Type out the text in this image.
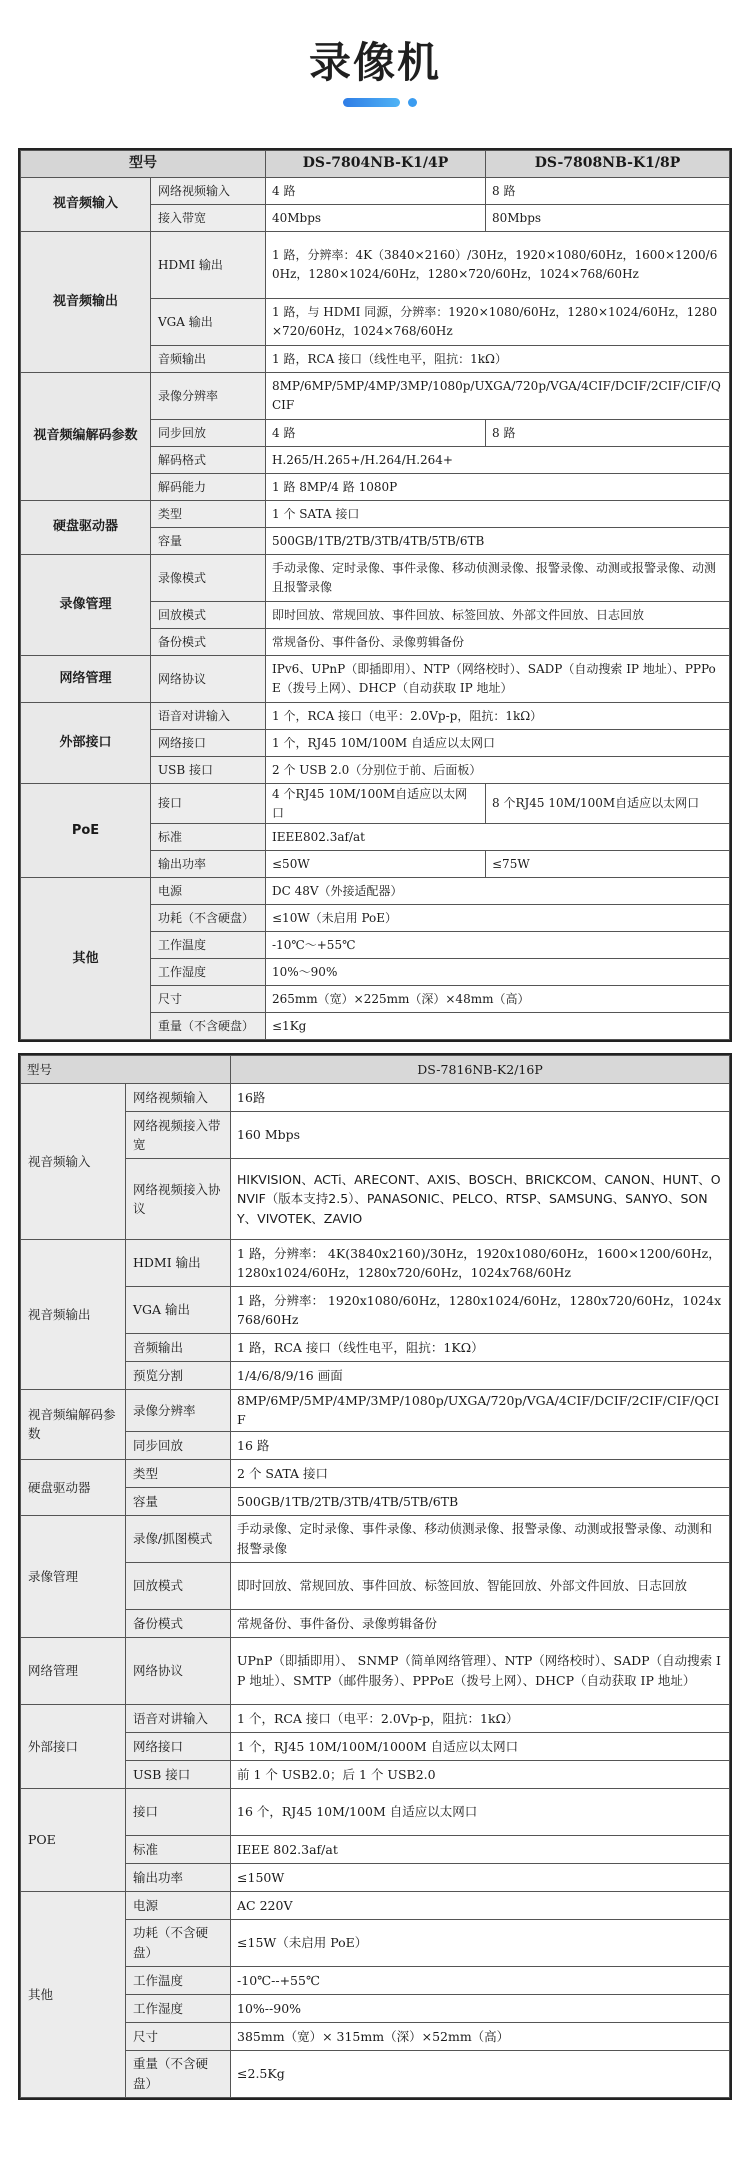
录像机
型号		DS-7804NB-K1/4P	DS-7808NB-K1/8P
视音频输入	网络视频输入	4 路	8 路
	接入带宽	40Mbps	80Mbps
视音频输出	HDMI 输出	1 路，分辨率：4K（3840×2160）/30Hz，1920×1080/60Hz，1600×1200/60Hz，1280×1024/60Hz，1280×720/60Hz，1024×768/60Hz	
	VGA 输出	1 路，与 HDMI 同源，分辨率：1920×1080/60Hz，1280×1024/60Hz，1280×720/60Hz，1024×768/60Hz	
	音频输出	1 路，RCA 接口（线性电平，阻抗：1kΩ）	
视音频编解码参数	录像分辨率	8MP/6MP/5MP/4MP/3MP/1080p/UXGA/720p/VGA/4CIF/DCIF/2CIF/CIF/QCIF	
	同步回放	4 路	8 路
	解码格式	H.265/H.265+/H.264/H.264+	
	解码能力	1 路 8MP/4 路 1080P	
硬盘驱动器	类型	1 个 SATA 接口	
	容量	500GB/1TB/2TB/3TB/4TB/5TB/6TB	
录像管理	录像模式	手动录像、定时录像、事件录像、移动侦测录像、报警录像、动测或报警录像、动测且报警录像	
	回放模式	即时回放、常规回放、事件回放、标签回放、外部文件回放、日志回放	
	备份模式	常规备份、事件备份、录像剪辑备份	
网络管理	网络协议	IPv6、UPnP（即插即用）、NTP（网络校时）、SADP（自动搜索 IP 地址）、PPPoE（拨号上网）、DHCP（自动获取 IP 地址）	
外部接口	语音对讲输入	1 个，RCA 接口（电平：2.0Vp-p，阻抗：1kΩ）	
	网络接口	1 个，RJ45 10M/100M 自适应以太网口	
	USB 接口	2 个 USB 2.0（分别位于前、后面板）	
PoE	接口	4 个RJ45 10M/100M自适应以太网口	8 个RJ45 10M/100M自适应以太网口
	标准	IEEE802.3af/at	
	输出功率	≤50W	≤75W
其他	电源	DC 48V（外接适配器）	
	功耗（不含硬盘）	≤10W（未启用 PoE）	
	工作温度	-10℃～+55℃	
	工作湿度	10%～90%	
	尺寸	265mm（宽）×225mm（深）×48mm（高）	
	重量（不含硬盘）	≤1Kg	
型号		DS-7816NB-K2/16P
视音频输入	网络视频输入	16路
	网络视频接入带宽	160 Mbps
	网络视频接入协议	HIKVISION、ACTi、ARECONT、AXIS、BOSCH、BRICKCOM、CANON、HUNT、ONVIF（版本支持2.5）、PANASONIC、PELCO、RTSP、SAMSUNG、SANYO、SONY、VIVOTEK、ZAVIO
视音频输出	HDMI 输出	1 路，分辨率： 4K(3840x2160)/30Hz，1920x1080/60Hz，1600×1200/60Hz，1280x1024/60Hz，1280x720/60Hz，1024x768/60Hz
	VGA 输出	1 路，分辨率： 1920x1080/60Hz，1280x1024/60Hz，1280x720/60Hz，1024x768/60Hz
	音频输出	1 路，RCA 接口（线性电平，阻抗：1KΩ）
	预览分割	1/4/6/8/9/16 画面
视音频编解码参数	录像分辨率	8MP/6MP/5MP/4MP/3MP/1080p/UXGA/720p/VGA/4CIF/DCIF/2CIF/CIF/QCIF
	同步回放	16 路
硬盘驱动器	类型	2 个 SATA 接口
	容量	500GB/1TB/2TB/3TB/4TB/5TB/6TB
录像管理	录像/抓图模式	手动录像、定时录像、事件录像、移动侦测录像、报警录像、动测或报警录像、动测和报警录像
	回放模式	即时回放、常规回放、事件回放、标签回放、智能回放、外部文件回放、日志回放
	备份模式	常规备份、事件备份、录像剪辑备份
网络管理	网络协议	UPnP（即插即用）、 SNMP（简单网络管理）、NTP（网络校时）、SADP（自动搜索 IP 地址）、SMTP（邮件服务）、PPPoE（拨号上网）、DHCP（自动获取 IP 地址）
外部接口	语音对讲输入	1 个，RCA 接口（电平：2.0Vp-p，阻抗：1kΩ）
	网络接口	1 个，RJ45 10M/100M/1000M 自适应以太网口
	USB 接口	前 1 个 USB2.0；后 1 个 USB2.0
POE	接口	16 个，RJ45 10M/100M 自适应以太网口
	标准	IEEE 802.3af/at
	输出功率	≤150W
其他	电源	AC 220V
	功耗（不含硬盘）	≤15W（未启用 PoE）
	工作温度	-10℃--+55℃
	工作湿度	10%--90%
	尺寸	385mm（宽）× 315mm（深）×52mm（高）
	重量（不含硬盘）	≤2.5Kg
